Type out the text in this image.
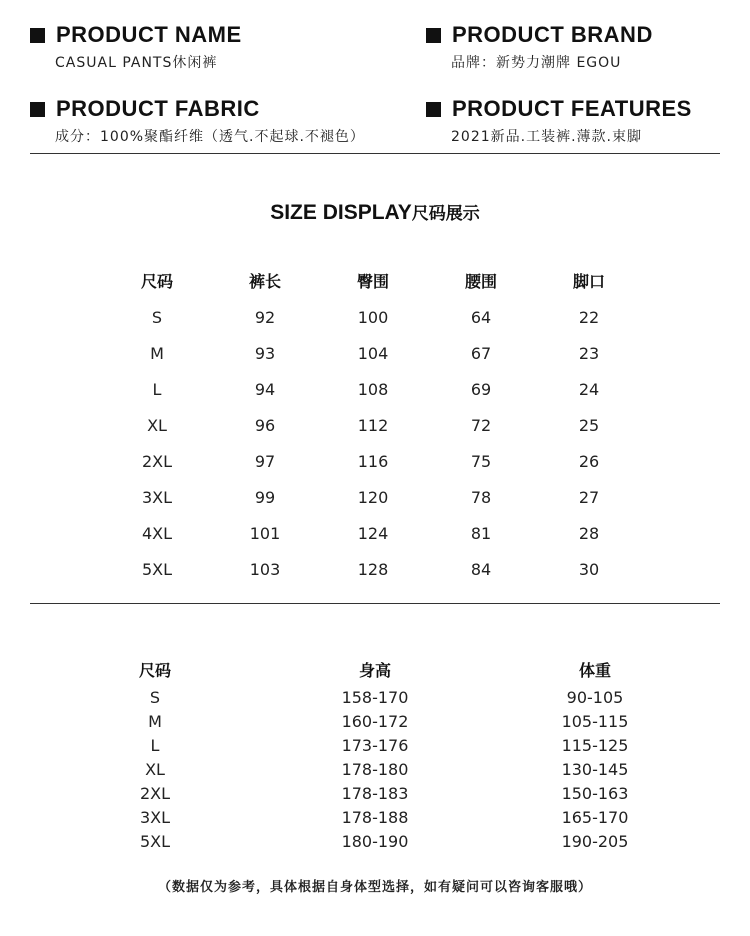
PRODUCT NAME
CASUAL PANTS休闲裤
PRODUCT BRAND
品牌：新势力潮牌 EGOU
PRODUCT FABRIC
成分：100%聚酯纤维（透气.不起球.不褪色）
PRODUCT FEATURES
2021新品.工装裤.薄款.束脚
SIZE DISPLAY尺码展示
尺码	裤长	臀围	腰围	脚口
S	92	100	64	22
M	93	104	67	23
L	94	108	69	24
XL	96	112	72	25
2XL	97	116	75	26
3XL	99	120	78	27
4XL	101	124	81	28
5XL	103	128	84	30
尺码	身高	体重
S	158-170	90-105
M	160-172	105-115
L	173-176	115-125
XL	178-180	130-145
2XL	178-183	150-163
3XL	178-188	165-170
5XL	180-190	190-205
（数据仅为参考，具体根据自身体型选择，如有疑问可以咨询客服哦）
